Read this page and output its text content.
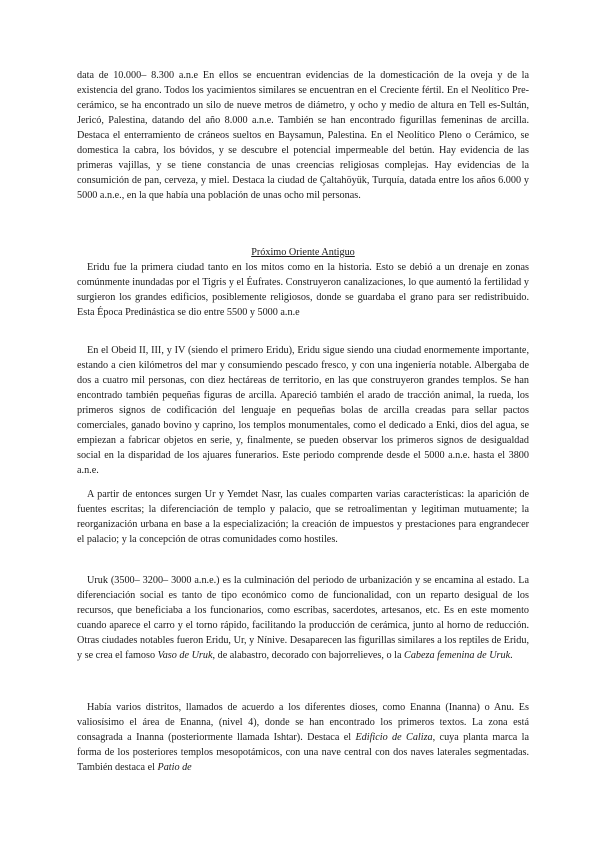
data de 10.000– 8.300 a.n.e En ellos se encuentran evidencias de la domesticación de la oveja y de la existencia del grano. Todos los yacimientos similares se encuentran en el Creciente fértil. En el Neolítico Pre-cerámico, se ha encontrado un silo de nueve metros de diámetro, y ocho y medio de altura en Tell es-Sultán, Jericó, Palestina, datando del año 8.000 a.n.e. También se han encontrado figurillas femeninas de arcilla. Destaca el enterramiento de cráneos sueltos en Baysamun, Palestina. En el Neolítico Pleno o Cerámico, se domestica la cabra, los bóvidos, y se descubre el potencial impermeable del betún. Hay evidencia de las primeras vajillas, y se tiene constancia de unas creencias religiosas complejas. Hay evidencias de la consumición de pan, cerveza, y miel. Destaca la ciudad de Çaltahöyük, Turquía, datada entre los años 6.000 y 5000 a.n.e., en la que había una población de unas ocho mil personas.

Próximo Oriente Antiguo

Eridu fue la primera ciudad tanto en los mitos como en la historia. Esto se debió a un drenaje en zonas comúnmente inundadas por el Tigris y el Éufrates. Construyeron canalizaciones, lo que aumentó la fertilidad y surgieron los grandes edificios, posiblemente religiosos, donde se guardaba el grano para ser redistribuido. Esta Época Predinástica se dio entre 5500 y 5000 a.n.e

En el Obeid II, III, y IV (siendo el primero Eridu), Eridu sigue siendo una ciudad enormemente importante, estando a cien kilómetros del mar y consumiendo pescado fresco, y con una ingeniería notable. Albergaba de dos a cuatro mil personas, con diez hectáreas de territorio, en las que construyeron grandes templos. Se han encontrado también pequeñas figuras de arcilla. Apareció también el arado de tracción animal, la rueda, los primeros signos de codificación del lenguaje en pequeñas bolas de arcilla creadas para sellar pactos comerciales, ganado bovino y caprino, los templos monumentales, como el dedicado a Enki, dios del agua, se empiezan a fabricar objetos en serie, y, finalmente, se pueden observar los primeros signos de desigualdad social en la disparidad de los ajuares funerarios. Este periodo comprende desde el 5000 a.n.e. hasta el 3800 a.n.e.

A partir de entonces surgen Ur y Yemdet Nasr, las cuales comparten varias características: la aparición de fuentes escritas; la diferenciación de templo y palacio, que se retroalimentan y legitiman mutuamente; la reorganización urbana en base a la especialización; la creación de impuestos y prestaciones para engrandecer el palacio; y la concepción de otras comunidades como hostiles.

Uruk (3500– 3200– 3000 a.n.e.) es la culminación del periodo de urbanización y se encamina al estado. La diferenciación social es tanto de tipo económico como de funcionalidad, con un reparto desigual de los recursos, que beneficiaba a los funcionarios, como escribas, sacerdotes, artesanos, etc. Es en este momento cuando aparece el carro y el torno rápido, facilitando la producción de cerámica, junto al horno de reducción. Otras ciudades notables fueron Eridu, Ur, y Nínive. Desaparecen las figurillas similares a los reptiles de Eridu, y se crea el famoso Vaso de Uruk, de alabastro, decorado con bajorrelieves, o la Cabeza femenina de Uruk.

Había varios distritos, llamados de acuerdo a los diferentes dioses, como Enanna (Inanna) o Anu. Es valiosísimo el área de Enanna, (nivel 4), donde se han encontrado los primeros textos. La zona está consagrada a Inanna (posteriormente llamada Ishtar). Destaca el Edificio de Caliza, cuya planta marca la forma de los posteriores templos mesopotámicos, con una nave central con dos naves laterales segmentadas. También destaca el Patio de
